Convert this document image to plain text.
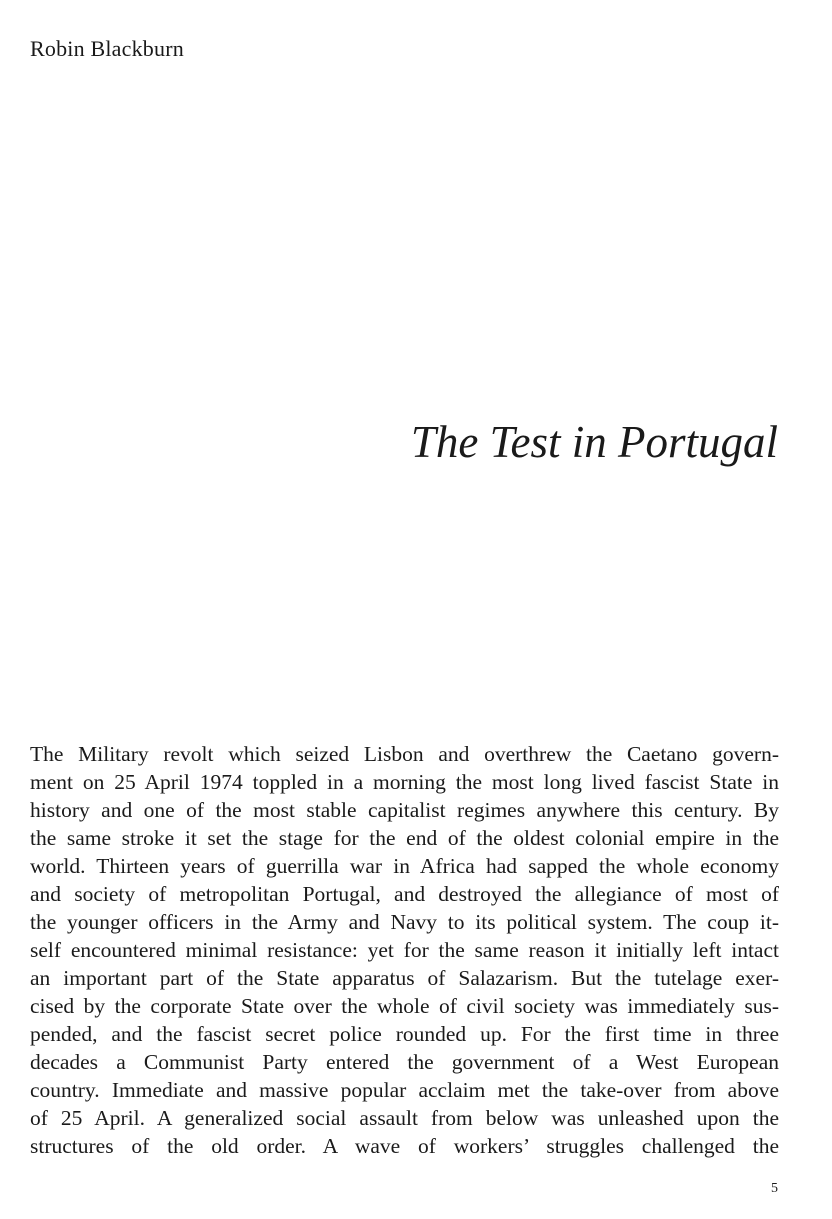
Robin Blackburn
The Test in Portugal
The Military revolt which seized Lisbon and overthrew the Caetano govern-
ment on 25 April 1974 toppled in a morning the most long lived fascist State in
history and one of the most stable capitalist regimes anywhere this century. By
the same stroke it set the stage for the end of the oldest colonial empire in the
world. Thirteen years of guerrilla war in Africa had sapped the whole economy
and society of metropolitan Portugal, and destroyed the allegiance of most of
the younger officers in the Army and Navy to its political system. The coup it-
self encountered minimal resistance: yet for the same reason it initially left intact
an important part of the State apparatus of Salazarism. But the tutelage exer-
cised by the corporate State over the whole of civil society was immediately sus-
pended, and the fascist secret police rounded up. For the first time in three
decades a Communist Party entered the government of a West European
country. Immediate and massive popular acclaim met the take-over from above
of 25 April. A generalized social assault from below was unleashed upon the
structures of the old order. A wave of workers’ struggles challenged the
5
